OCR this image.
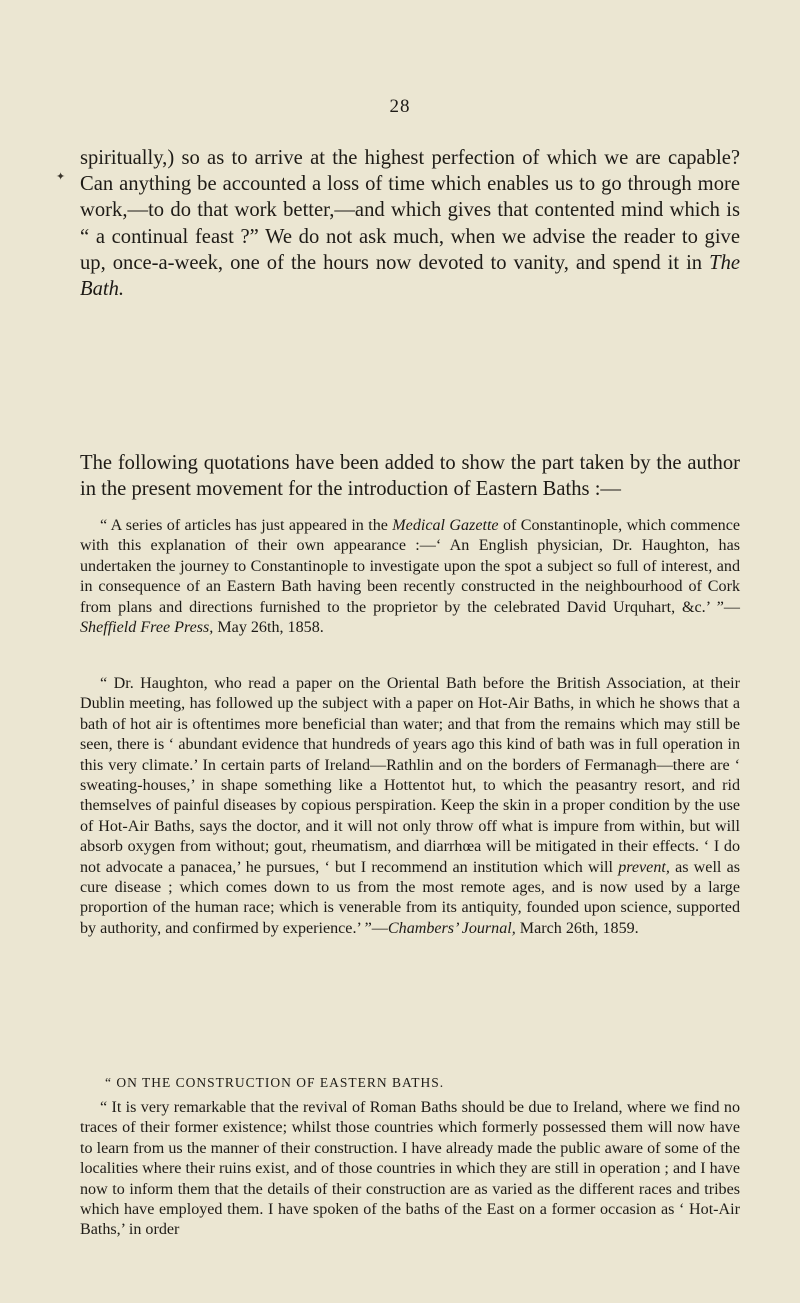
28
✦

spiritually,) so as to arrive at the highest perfection of which we are capable? Can anything be accounted a loss of time which enables us to go through more work,—to do that work better,—and which gives that contented mind which is “ a continual feast ?” We do not ask much, when we advise the reader to give up, once-a-week, one of the hours now devoted to vanity, and spend it in The Bath.

The following quotations have been added to show the part taken by the author in the present movement for the introduction of Eastern Baths :—

“ A series of articles has just appeared in the Medical Gazette of Constantinople, which commence with this explanation of their own appearance :—‘ An English physician, Dr. Haughton, has undertaken the journey to Constantinople to investigate upon the spot a subject so full of interest, and in consequence of an Eastern Bath having been recently constructed in the neighbourhood of Cork from plans and directions furnished to the proprietor by the celebrated David Urquhart, &c.’ ”— Sheffield Free Press, May 26th, 1858.

“ Dr. Haughton, who read a paper on the Oriental Bath before the British Association, at their Dublin meeting, has followed up the subject with a paper on Hot-Air Baths, in which he shows that a bath of hot air is oftentimes more beneficial than water; and that from the remains which may still be seen, there is ‘ abundant evidence that hundreds of years ago this kind of bath was in full operation in this very climate.’ In certain parts of Ireland—Rathlin and on the borders of Fermanagh—there are ‘ sweating-houses,’ in shape something like a Hottentot hut, to which the peasantry resort, and rid themselves of painful diseases by copious perspiration. Keep the skin in a proper condition by the use of Hot-Air Baths, says the doctor, and it will not only throw off what is impure from within, but will absorb oxygen from without; gout, rheumatism, and diarrhœa will be mitigated in their effects. ‘ I do not advocate a panacea,’ he pursues, ‘ but I recommend an institution which will prevent, as well as cure disease ; which comes down to us from the most remote ages, and is now used by a large proportion of the human race; which is venerable from its antiquity, founded upon science, supported by authority, and confirmed by experience.’ ”—Chambers’ Journal, March 26th, 1859.

“ ON THE CONSTRUCTION OF EASTERN BATHS.

“ It is very remarkable that the revival of Roman Baths should be due to Ireland, where we find no traces of their former existence; whilst those countries which formerly possessed them will now have to learn from us the manner of their construction. I have already made the public aware of some of the localities where their ruins exist, and of those countries in which they are still in operation ; and I have now to inform them that the details of their construction are as varied as the different races and tribes which have employed them. I have spoken of the baths of the East on a former occasion as ‘ Hot-Air Baths,’ in order
